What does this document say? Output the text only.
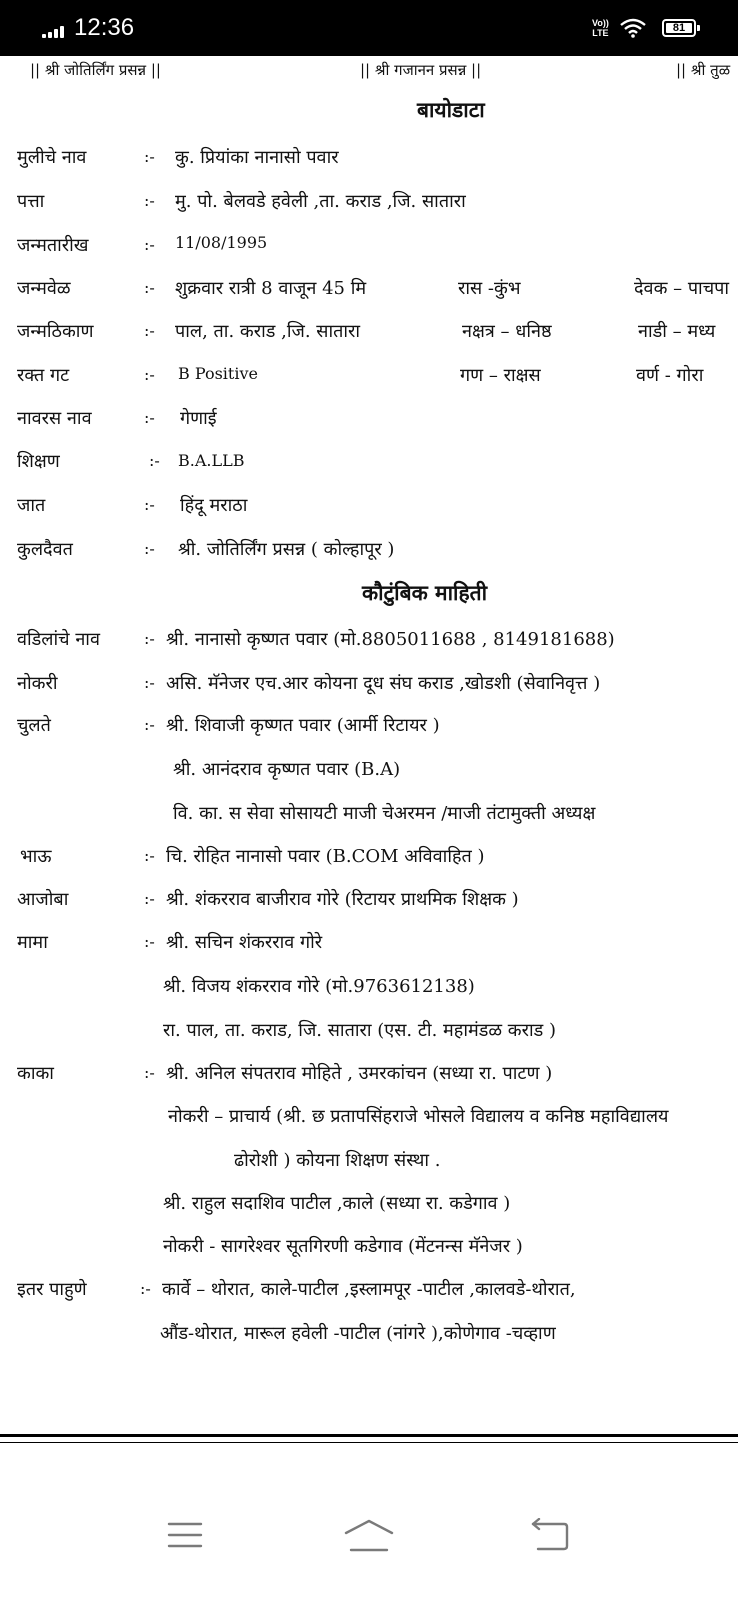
12:36	Vo))
LTE	81
|| श्री जोतिर्लिंग प्रसन्न ||	|| श्री गजानन प्रसन्न ||	|| श्री तुळ
बायोडाटा
मुलीचे नाव	:- कु. प्रियांका नानासो पवार
पत्ता	:- मु. पो. बेलवडे हवेली ,ता. कराड ,जि. सातारा
जन्मतारीख	:- 11/08/1995
जन्मवेळ	:- शुक्रवार रात्री 8 वाजून 45 मि	रास -कुंभ	देवक – पाचपा
जन्मठिकाण	:- पाल, ता. कराड ,जि. सातारा	नक्षत्र – धनिष्ठ	नाडी – मध्य
रक्त गट	:- B Positive	गण – राक्षस	वर्ण - गोरा
नावरस नाव	:- गेणाई
शिक्षण	:- B.A.LLB
जात	:- हिंदू मराठा
कुलदैवत	:- श्री. जोतिर्लिंग प्रसन्न ( कोल्हापूर )
कौटुंबिक माहिती
वडिलांचे नाव	:- श्री. नानासो कृष्णत पवार (मो.8805011688 , 8149181688)
नोकरी	:- असि. मॅनेजर एच.आर कोयना दूध संघ कराड ,खोडशी (सेवानिवृत्त )
चुलते	:- श्री. शिवाजी कृष्णत पवार (आर्मी रिटायर )
श्री. आनंदराव कृष्णत पवार (B.A)
वि. का. स सेवा सोसायटी माजी चेअरमन /माजी तंटामुक्ती अध्यक्ष
भाऊ	:- चि. रोहित नानासो पवार (B.COM अविवाहित )
आजोबा	:- श्री. शंकरराव बाजीराव गोरे (रिटायर प्राथमिक शिक्षक )
मामा	:- श्री. सचिन शंकरराव गोरे
श्री. विजय शंकरराव गोरे (मो.9763612138)
रा. पाल, ता. कराड, जि. सातारा (एस. टी. महामंडळ कराड )
काका	:- श्री. अनिल संपतराव मोहिते , उमरकांचन (सध्या रा. पाटण )
नोकरी – प्राचार्य (श्री. छ प्रतापसिंहराजे भोसले विद्यालय व कनिष्ठ महाविद्यालय
ढोरोशी ) कोयना शिक्षण संस्था .
श्री. राहुल सदाशिव पाटील ,काले (सध्या रा. कडेगाव )
नोकरी - सागरेश्वर सूतगिरणी कडेगाव (मेंटनन्स मॅनेजर )
इतर पाहुणे	:- कार्वे – थोरात, काले-पाटील ,इस्लामपूर -पाटील ,कालवडे-थोरात,
औंड-थोरात, मारूल हवेली -पाटील (नांगरे ),कोणेगाव -चव्हाण
